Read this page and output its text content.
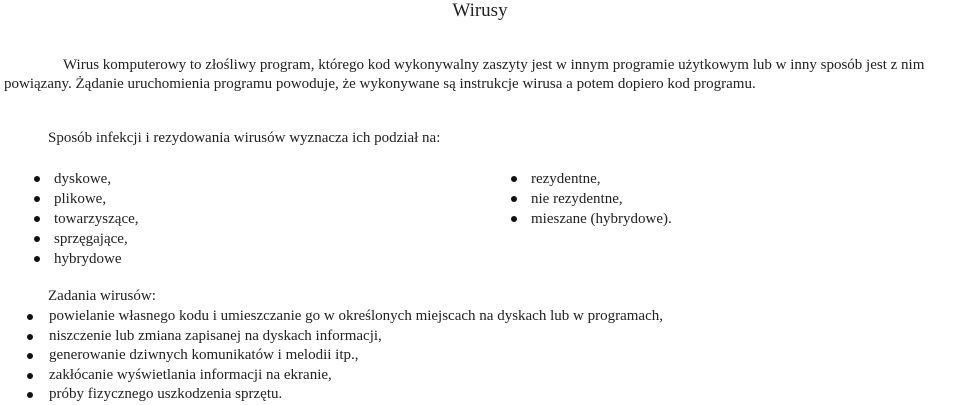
Wirusy
Wirus komputerowy to złośliwy program, którego kod wykonywalny zaszyty jest w innym programie użytkowym lub w inny sposób jest z nim powiązany. Żądanie uruchomienia programu powoduje, że wykonywane są instrukcje wirusa a potem dopiero kod programu.
Sposób infekcji i rezydowania wirusów wyznacza ich podział na:
dyskowe,
plikowe,
towarzyszące,
sprzęgające,
hybrydowe
rezydentne,
nie rezydentne,
mieszane (hybrydowe).
Zadania wirusów:
powielanie własnego kodu i umieszczanie go w określonych miejscach na dyskach lub w programach,
niszczenie lub zmiana zapisanej na dyskach informacji,
generowanie dziwnych komunikatów i melodii itp.,
zakłócanie wyświetlania informacji na ekranie,
próby fizycznego uszkodzenia sprzętu.
